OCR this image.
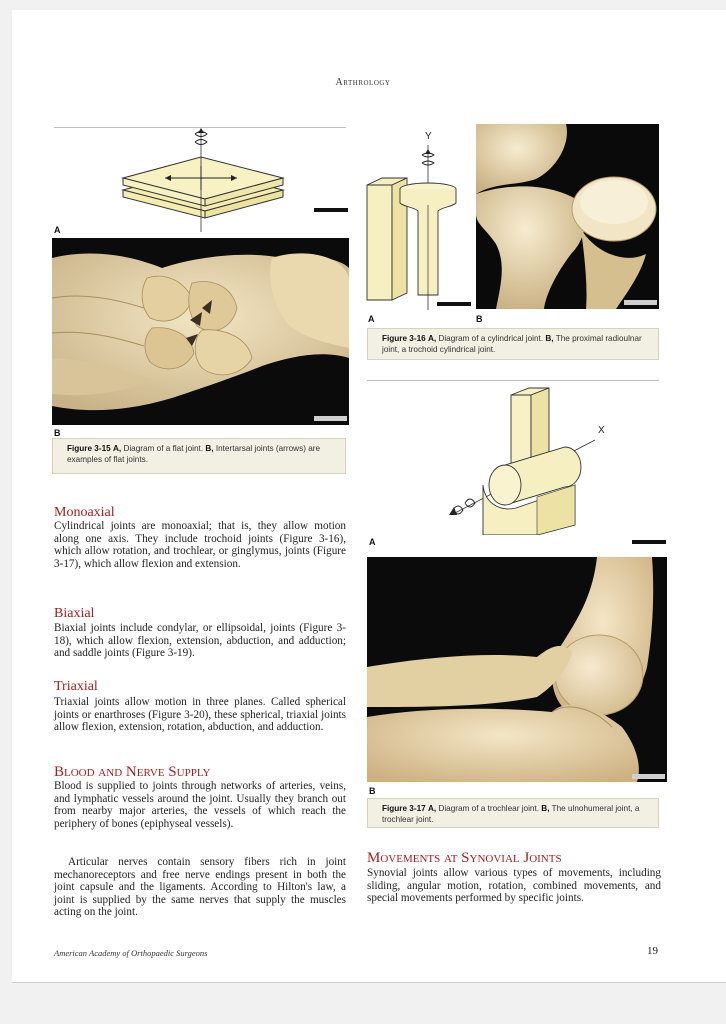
Arthrology
A
B
Figure 3-15 A, Diagram of a flat joint. B, Intertarsal joints (arrows) are examples of flat joints.
Y
A	B
Figure 3-16 A, Diagram of a cylindrical joint. B, The proximal radioulnar joint, a trochoid cylindrical joint.
X
A
B
Figure 3-17 A, Diagram of a trochlear joint. B, The ulnohumeral joint, a trochlear joint.
Monoaxial
Cylindrical joints are monoaxial; that is, they allow motion along one axis. They include trochoid joints (Figure 3-16), which allow rotation, and trochlear, or ginglymus, joints (Figure 3-17), which allow flexion and extension.
Biaxial
Biaxial joints include condylar, or ellipsoidal, joints (Figure 3-18), which allow flexion, extension, abduction, and adduction; and saddle joints (Figure 3-19).
Triaxial
Triaxial joints allow motion in three planes. Called spherical joints or enarthroses (Figure 3-20), these spherical, triaxial joints allow flexion, extension, rotation, abduction, and adduction.
Blood and Nerve Supply
Blood is supplied to joints through networks of arteries, veins, and lymphatic vessels around the joint. Usually they branch out from nearby major arteries, the vessels of which reach the periphery of bones (epiphyseal vessels).
Articular nerves contain sensory fibers rich in joint mechanoreceptors and free nerve endings present in both the joint capsule and the ligaments. According to Hilton's law, a joint is supplied by the same nerves that supply the muscles acting on the joint.
Movements at Synovial Joints
Synovial joints allow various types of movements, including sliding, angular motion, rotation, combined movements, and special movements performed by specific joints.
American Academy of Orthopaedic Surgeons	19
